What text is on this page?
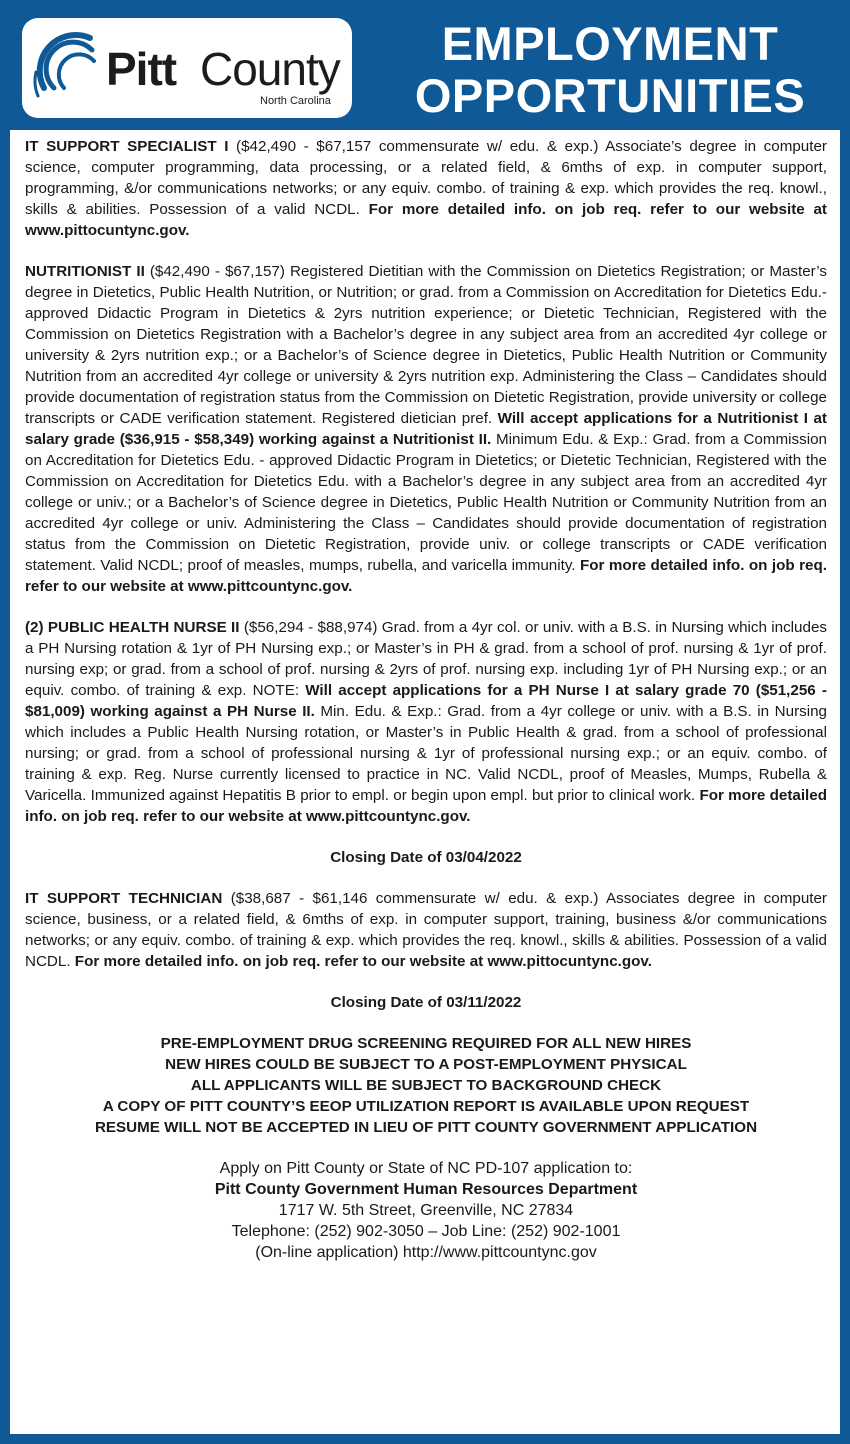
Pitt County
North Carolina
EMPLOYMENT
OPPORTUNITIES

IT SUPPORT SPECIALIST I ($42,490 - $67,157 commensurate w/ edu. & exp.) Associate’s degree in computer science, computer programming, data processing, or a related field, & 6mths of exp. in computer support, programming, &/or communications networks; or any equiv. combo. of training & exp. which provides the req. knowl., skills & abilities. Possession of a valid NCDL. For more detailed info. on job req. refer to our website at www.pittocuntync.gov.

NUTRITIONIST II ($42,490 - $67,157) Registered Dietitian with the Commission on Dietetics Registration; or Master’s degree in Dietetics, Public Health Nutrition, or Nutrition; or grad. from a Commission on Accreditation for Dietetics Edu.- approved Didactic Program in Dietetics & 2yrs nutrition experience; or Dietetic Technician, Registered with the Commission on Dietetics Registration with a Bachelor’s degree in any subject area from an accredited 4yr college or university & 2yrs nutrition exp.; or a Bachelor’s of Science degree in Dietetics, Public Health Nutrition or Community Nutrition from an accredited 4yr college or university & 2yrs nutrition exp. Administering the Class – Candidates should provide documentation of registration status from the Commission on Dietetic Registration, provide university or college transcripts or CADE verification statement. Registered dietician pref. Will accept applications for a Nutritionist I at salary grade ($36,915 - $58,349) working against a Nutritionist II. Minimum Edu. & Exp.: Grad. from a Commission on Accreditation for Dietetics Edu. - approved Didactic Program in Dietetics; or Dietetic Technician, Registered with the Commission on Accreditation for Dietetics Edu. with a Bachelor’s degree in any subject area from an accredited 4yr college or univ.; or a Bachelor’s of Science degree in Dietetics, Public Health Nutrition or Community Nutrition from an accredited 4yr college or univ. Administering the Class – Candidates should provide documentation of registration status from the Commission on Dietetic Registration, provide univ. or college transcripts or CADE verification statement. Valid NCDL; proof of measles, mumps, rubella, and varicella immunity. For more detailed info. on job req. refer to our website at www.pittcountync.gov.

(2) PUBLIC HEALTH NURSE II ($56,294 - $88,974) Grad. from a 4yr col. or univ. with a B.S. in Nursing which includes a PH Nursing rotation & 1yr of PH Nursing exp.; or Master’s in PH & grad. from a school of prof. nursing & 1yr of prof. nursing exp; or grad. from a school of prof. nursing & 2yrs of prof. nursing exp. including 1yr of PH Nursing exp.; or an equiv. combo. of training & exp. NOTE: Will accept applications for a PH Nurse I at salary grade 70 ($51,256 - $81,009) working against a PH Nurse II. Min. Edu. & Exp.: Grad. from a 4yr college or univ. with a B.S. in Nursing which includes a Public Health Nursing rotation, or Master’s in Public Health & grad. from a school of professional nursing; or grad. from a school of professional nursing & 1yr of professional nursing exp.; or an equiv. combo. of training & exp. Reg. Nurse currently licensed to practice in NC. Valid NCDL, proof of Measles, Mumps, Rubella & Varicella. Immunized against Hepatitis B prior to empl. or begin upon empl. but prior to clinical work. For more detailed info. on job req. refer to our website at www.pittcountync.gov.

Closing Date of 03/04/2022

IT SUPPORT TECHNICIAN ($38,687 - $61,146 commensurate w/ edu. & exp.) Associates degree in computer science, business, or a related field, & 6mths of exp. in computer support, training, business &/or communications networks; or any equiv. combo. of training & exp. which provides the req. knowl., skills & abilities. Possession of a valid NCDL. For more detailed info. on job req. refer to our website at www.pittocuntync.gov.

Closing Date of 03/11/2022
PRE-EMPLOYMENT DRUG SCREENING REQUIRED FOR ALL NEW HIRES
NEW HIRES COULD BE SUBJECT TO A POST-EMPLOYMENT PHYSICAL
ALL APPLICANTS WILL BE SUBJECT TO BACKGROUND CHECK
A COPY OF PITT COUNTY’S EEOP UTILIZATION REPORT IS AVAILABLE UPON REQUEST
RESUME WILL NOT BE ACCEPTED IN LIEU OF PITT COUNTY GOVERNMENT APPLICATION
Apply on Pitt County or State of NC PD-107 application to:
Pitt County Government Human Resources Department
1717 W. 5th Street, Greenville, NC 27834
Telephone: (252) 902-3050 – Job Line: (252) 902-1001
(On-line application) http://www.pittcountync.gov
